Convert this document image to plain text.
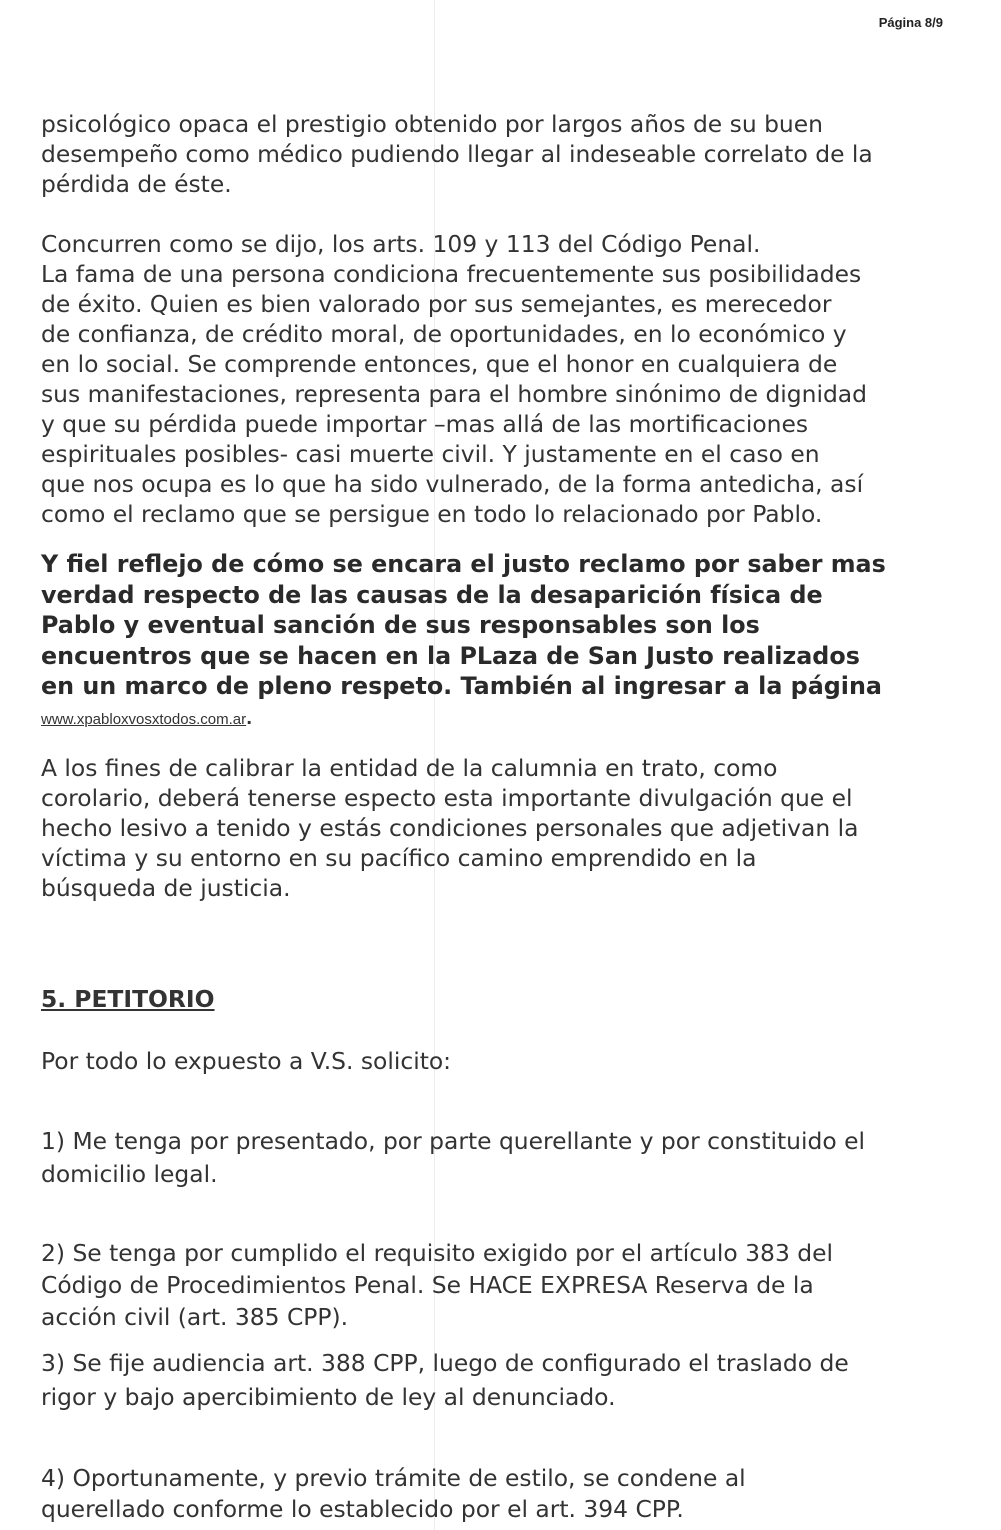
Página 8/9

psicológico opaca el prestigio obtenido por largos años de su buen
desempeño como médico pudiendo llegar al indeseable correlato de la
pérdida de éste.

Concurren como se dijo, los arts. 109 y 113 del Código Penal.
La fama de una persona condiciona frecuentemente sus posibilidades
de éxito. Quien es bien valorado por sus semejantes, es merecedor
de confianza, de crédito moral, de oportunidades, en lo económico y
en lo social. Se comprende entonces, que el honor en cualquiera de
sus manifestaciones, representa para el hombre sinónimo de dignidad
y que su pérdida puede importar –mas allá de las mortificaciones
espirituales posibles- casi muerte civil. Y justamente en el caso en
que nos ocupa es lo que ha sido vulnerado, de la forma antedicha, así
como el reclamo que se persigue en todo lo relacionado por Pablo.

Y fiel reflejo de cómo se encara el justo reclamo por saber mas
verdad respecto de las causas de la desaparición física de
Pablo y eventual sanción de sus responsables son los
encuentros que se hacen en la PLaza de San Justo realizados
en un marco de pleno respeto. También al ingresar a la página

www.xpabloxvosxtodos.com.ar.

A los fines de calibrar la entidad de la calumnia en trato, como
corolario, deberá tenerse especto esta importante divulgación que el
hecho lesivo a tenido y estás condiciones personales que adjetivan la
víctima y su entorno en su pacífico camino emprendido en la
búsqueda de justicia.

5. PETITORIO

Por todo lo expuesto a V.S. solicito:

1) Me tenga por presentado, por parte querellante y por constituido el
domicilio legal.

2) Se tenga por cumplido el requisito exigido por el artículo 383 del
Código de Procedimientos Penal. Se HACE EXPRESA Reserva de la
acción civil (art. 385 CPP).

3) Se fije audiencia art. 388 CPP, luego de configurado el traslado de
rigor y bajo apercibimiento de ley al denunciado.

4) Oportunamente, y previo trámite de estilo, se condene al
querellado conforme lo establecido por el art. 394 CPP.
